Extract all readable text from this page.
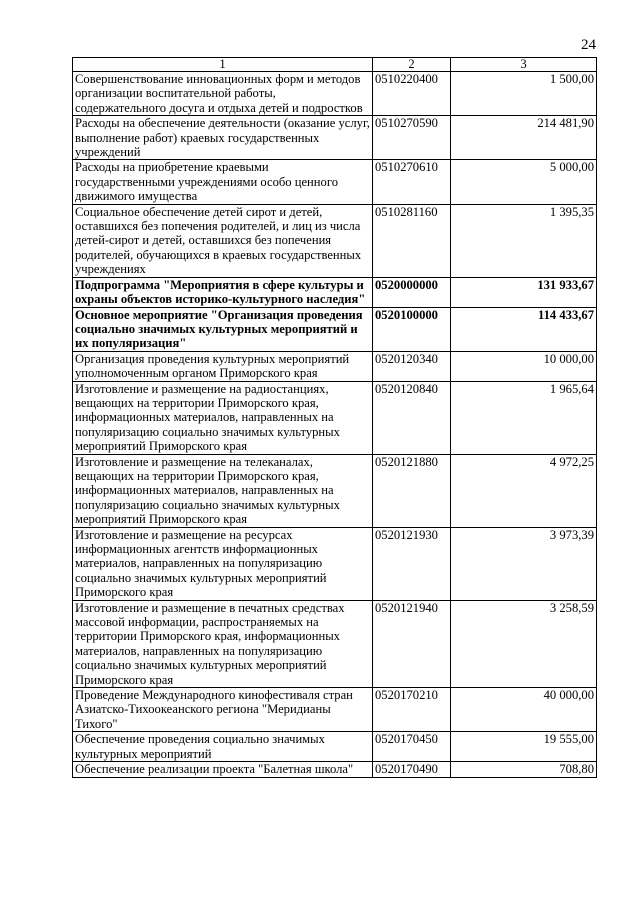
24
1	2	3
Совершенствование инновационных форм и методов организации воспитательной работы, содержательного досуга и отдыха детей и подростков	0510220400	1 500,00
Расходы на обеспечение деятельности (оказание услуг, выполнение работ) краевых государственных учреждений	0510270590	214 481,90
Расходы на приобретение краевыми государственными учреждениями особо ценного движимого имущества	0510270610	5 000,00
Социальное обеспечение детей сирот и детей, оставшихся без попечения родителей, и лиц из числа детей-сирот и детей, оставшихся без попечения родителей, обучающихся в краевых государственных учреждениях	0510281160	1 395,35
Подпрограмма "Мероприятия в сфере культуры и охраны объектов историко-культурного наследия"	0520000000	131 933,67
Основное мероприятие "Организация проведения социально значимых культурных мероприятий и их популяризация"	0520100000	114 433,67
Организация проведения культурных мероприятий уполномоченным органом Приморского края	0520120340	10 000,00
Изготовление и размещение на радиостанциях, вещающих на территории Приморского края, информационных материалов, направленных на популяризацию социально значимых культурных мероприятий Приморского края	0520120840	1 965,64
Изготовление и размещение на телеканалах, вещающих на территории Приморского края, информационных материалов, направленных на популяризацию социально значимых культурных мероприятий Приморского края	0520121880	4 972,25
Изготовление и размещение на ресурсах информационных агентств информационных материалов, направленных на популяризацию социально значимых культурных мероприятий Приморского края	0520121930	3 973,39
Изготовление и размещение в печатных средствах массовой информации, распространяемых на территории Приморского края, информационных материалов, направленных на популяризацию социально значимых культурных мероприятий Приморского края	0520121940	3 258,59
Проведение Международного кинофестиваля стран Азиатско-Тихоокеанского региона "Меридианы Тихого"	0520170210	40 000,00
Обеспечение проведения социально значимых культурных мероприятий	0520170450	19 555,00
Обеспечение реализации проекта "Балетная школа"	0520170490	708,80
